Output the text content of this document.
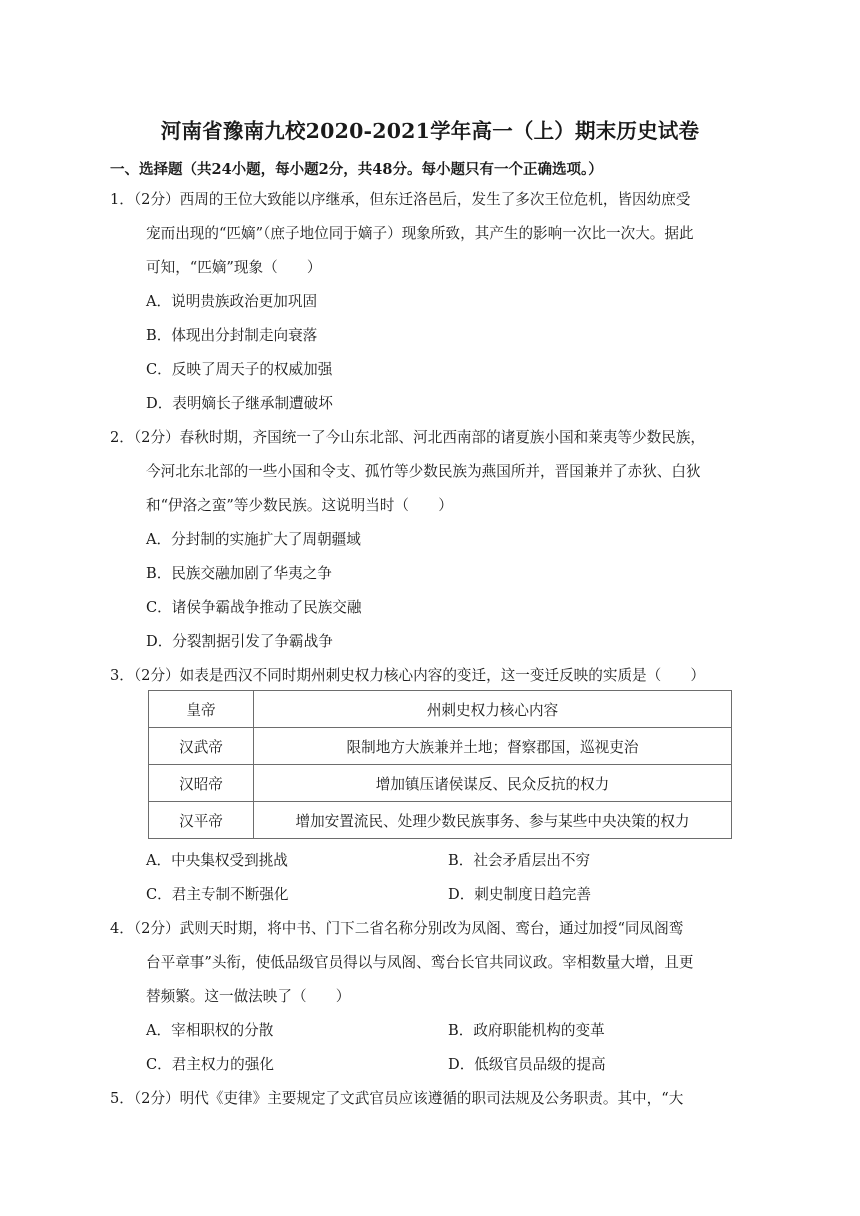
河南省豫南九校2020-2021学年高一（上）期末历史试卷
一、选择题（共24小题，每小题2分，共48分。每小题只有一个正确选项。）
1．（2分）西周的王位大致能以序继承，但东迁洛邑后，发生了多次王位危机，皆因幼庶受
宠而出现的“匹嫡”（庶子地位同于嫡子）现象所致，其产生的影响一次比一次大。据此
可知，“匹嫡”现象（　　）
A．说明贵族政治更加巩固
B．体现出分封制走向衰落
C．反映了周天子的权威加强
D．表明嫡长子继承制遭破坏
2．（2分）春秋时期，齐国统一了今山东北部、河北西南部的诸夏族小国和莱夷等少数民族，
今河北东北部的一些小国和令支、孤竹等少数民族为燕国所并，晋国兼并了赤狄、白狄
和“伊洛之蛮”等少数民族。这说明当时（　　）
A．分封制的实施扩大了周朝疆域
B．民族交融加剧了华夷之争
C．诸侯争霸战争推动了民族交融
D．分裂割据引发了争霸战争
3．（2分）如表是西汉不同时期州刺史权力核心内容的变迁，这一变迁反映的实质是（　　）
皇帝	州刺史权力核心内容
汉武帝	限制地方大族兼并土地；督察郡国，巡视吏治
汉昭帝	增加镇压诸侯谋反、民众反抗的权力
汉平帝	增加安置流民、处理少数民族事务、参与某些中央决策的权力
A．中央集权受到挑战	B．社会矛盾层出不穷
C．君主专制不断强化	D．刺史制度日趋完善
4．（2分）武则天时期，将中书、门下二省名称分别改为凤阁、鸾台，通过加授“同凤阁鸾
台平章事”头衔，使低品级官员得以与凤阁、鸾台长官共同议政。宰相数量大增，且更
替频繁。这一做法映了（　　）
A．宰相职权的分散	B．政府职能机构的变革
C．君主权力的强化	D．低级官员品级的提高
5．（2分）明代《吏律》主要规定了文武官员应该遵循的职司法规及公务职责。其中，“大
